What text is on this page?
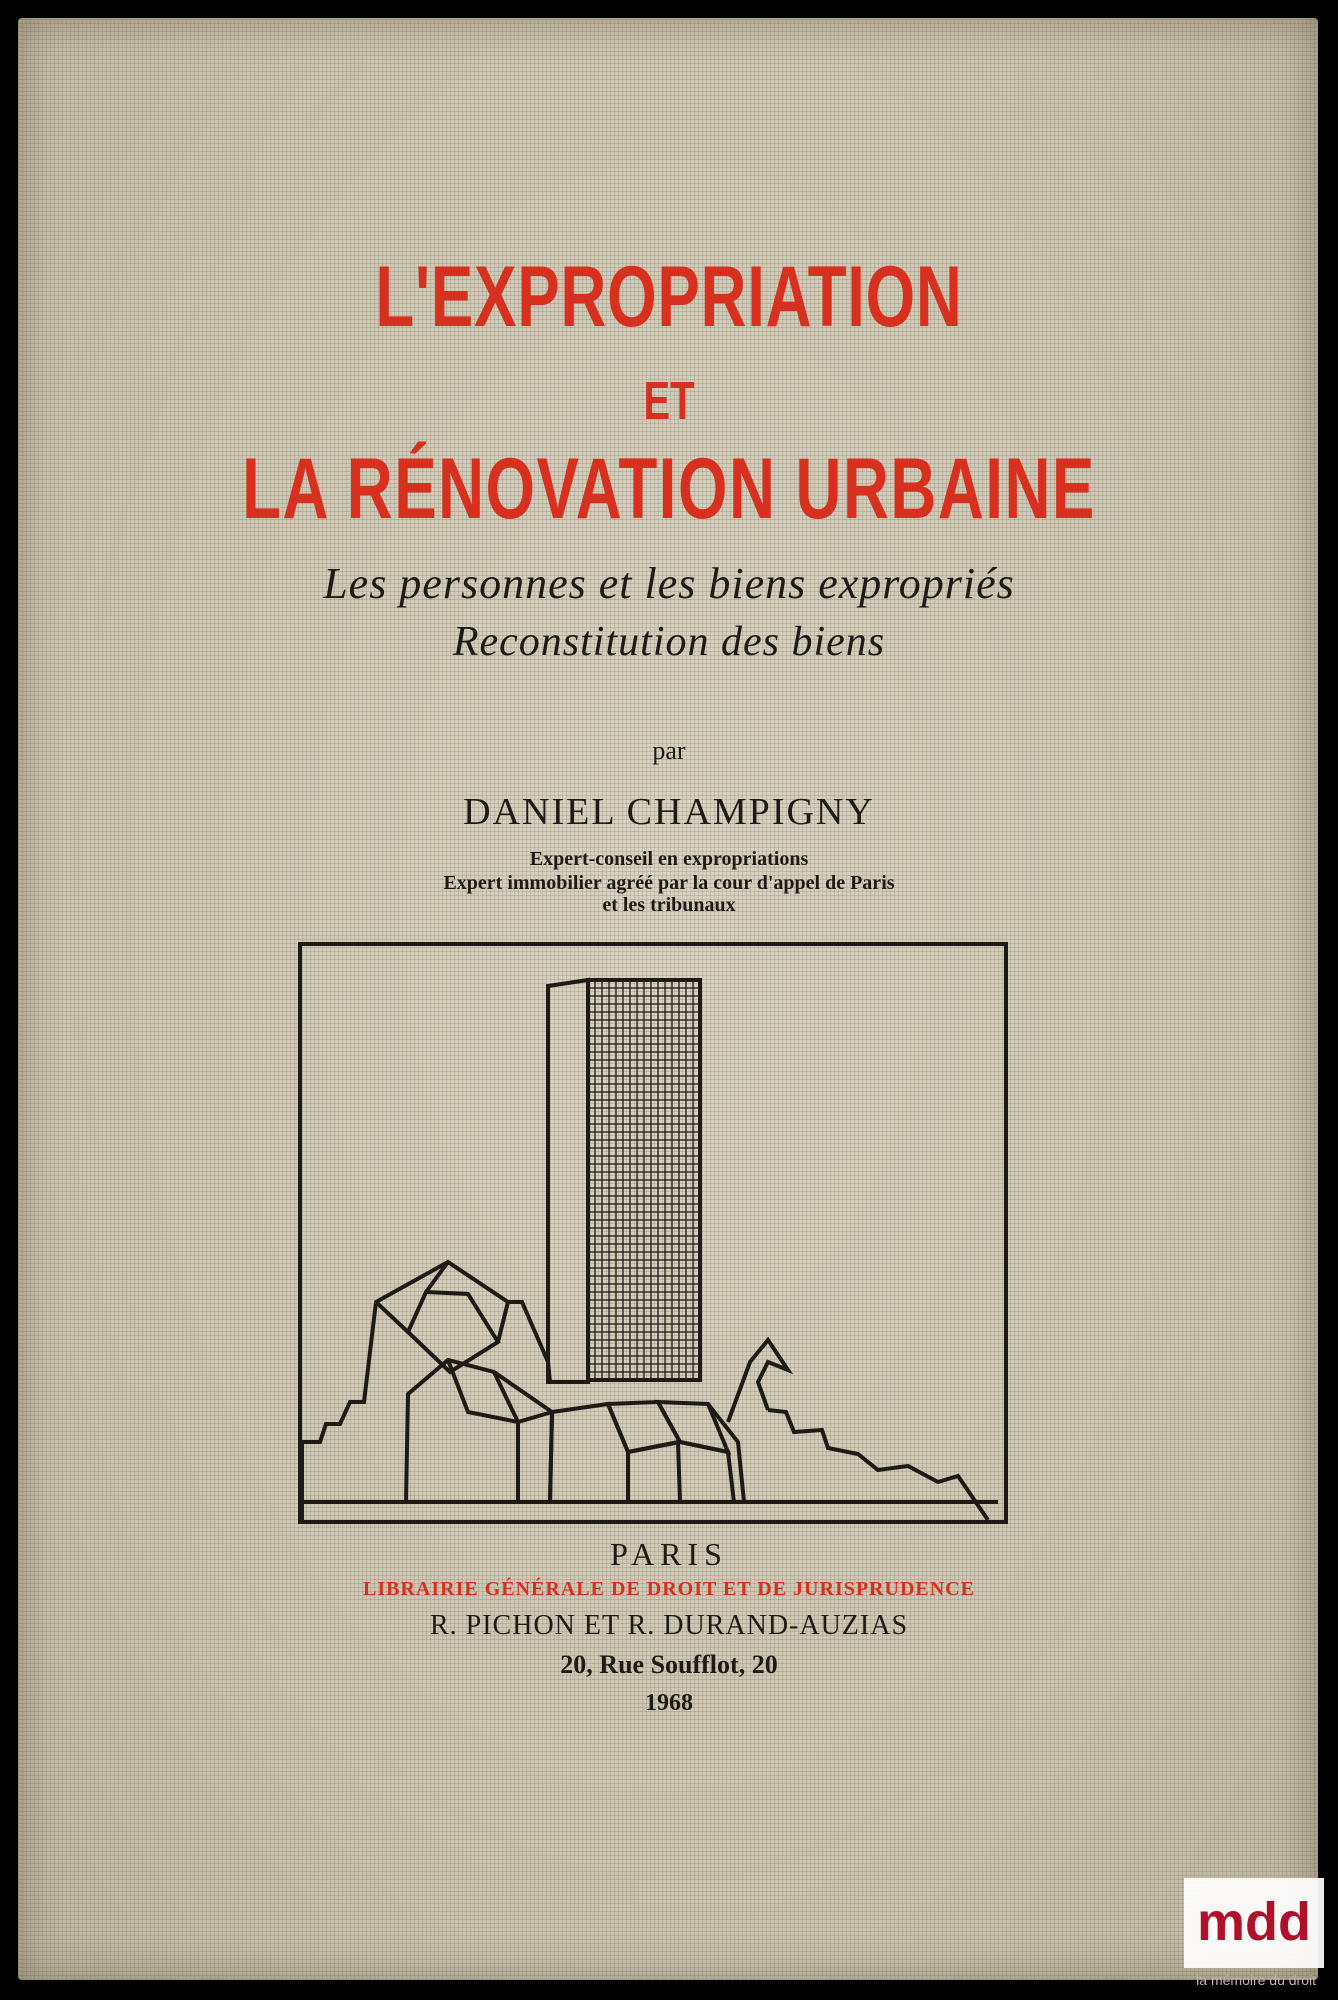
L'EXPROPRIATION
ET
LA RÉNOVATION URBAINE
Les personnes et les biens expropriés
Reconstitution des biens
par
DANIEL CHAMPIGNY
Expert-conseil en expropriations
Expert immobilier agréé par la cour d'appel de Paris
et les tribunaux
PARIS
LIBRAIRIE GÉNÉRALE DE DROIT ET DE JURISPRUDENCE
R. PICHON ET R. DURAND-AUZIAS
20, Rue Soufflot, 20
1968
mdd
la mémoire du droit
